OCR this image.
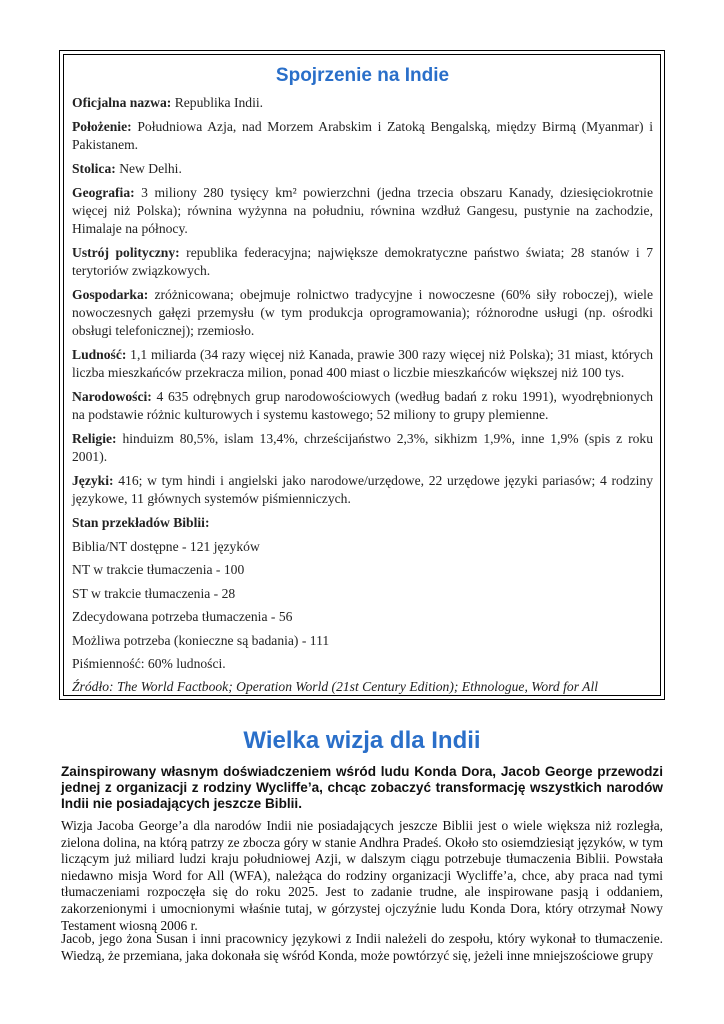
Spojrzenie na Indie

Oficjalna nazwa: Republika Indii.

Położenie: Południowa Azja, nad Morzem Arabskim i Zatoką Bengalską, między Birmą (Myanmar) i Pakistanem.

Stolica: New Delhi.

Geografia: 3 miliony 280 tysięcy km² powierzchni (jedna trzecia obszaru Kanady, dziesięciokrotnie więcej niż Polska); równina wyżynna na południu, równina wzdłuż Gangesu, pustynie na zachodzie, Himalaje na północy.

Ustrój polityczny: republika federacyjna; największe demokratyczne państwo świata; 28 stanów i 7 terytoriów związkowych.

Gospodarka: zróżnicowana; obejmuje rolnictwo tradycyjne i nowoczesne (60% siły roboczej), wiele nowoczesnych gałęzi przemysłu (w tym produkcja oprogramowania); różnorodne usługi (np. ośrodki obsługi telefonicznej); rzemiosło.

Ludność: 1,1 miliarda (34 razy więcej niż Kanada, prawie 300 razy więcej niż Polska); 31 miast, których liczba mieszkańców przekracza milion, ponad 400 miast o liczbie mieszkańców większej niż 100 tys.

Narodowości: 4 635 odrębnych grup narodowościowych (według badań z roku 1991), wyodrębnionych na podstawie różnic kulturowych i systemu kastowego; 52 miliony to grupy plemienne.

Religie: hinduizm 80,5%, islam 13,4%, chrześcijaństwo 2,3%, sikhizm 1,9%, inne 1,9% (spis z roku 2001).

Języki: 416; w tym hindi i angielski jako narodowe/urzędowe, 22 urzędowe języki pariasów; 4 rodziny językowe, 11 głównych systemów piśmienniczych.

Stan przekładów Biblii:

Biblia/NT dostępne - 121 języków

NT w trakcie tłumaczenia - 100

ST w trakcie tłumaczenia - 28

Zdecydowana potrzeba tłumaczenia - 56

Możliwa potrzeba (konieczne są badania) - 111

Piśmienność: 60% ludności.

Źródło: The World Factbook; Operation World (21st Century Edition); Ethnologue, Word for All

Wielka wizja dla Indii

Zainspirowany własnym doświadczeniem wśród ludu Konda Dora, Jacob George przewodzi jednej z organizacji z rodziny Wycliffe’a, chcąc zobaczyć transformację wszystkich narodów Indii nie posiadających jeszcze Biblii.

Wizja Jacoba George’a dla narodów Indii nie posiadających jeszcze Biblii jest o wiele większa niż rozległa, zielona dolina, na którą patrzy ze zbocza góry w stanie Andhra Pradeś. Około sto osiemdziesiąt języków, w tym liczącym już miliard ludzi kraju południowej Azji, w dalszym ciągu potrzebuje tłumaczenia Biblii. Powstała niedawno misja Word for All (WFA), należąca do rodziny organizacji Wycliffe’a, chce, aby praca nad tymi tłumaczeniami rozpoczęła się do roku 2025. Jest to zadanie trudne, ale inspirowane pasją i oddaniem, zakorzenionymi i umocnionymi właśnie tutaj, w górzystej ojczyźnie ludu Konda Dora, który otrzymał Nowy Testament wiosną 2006 r.

Jacob, jego żona Susan i inni pracownicy językowi z Indii należeli do zespołu, który wykonał to tłumaczenie. Wiedzą, że przemiana, jaka dokonała się wśród Konda, może powtórzyć się, jeżeli inne mniejszościowe grupy
